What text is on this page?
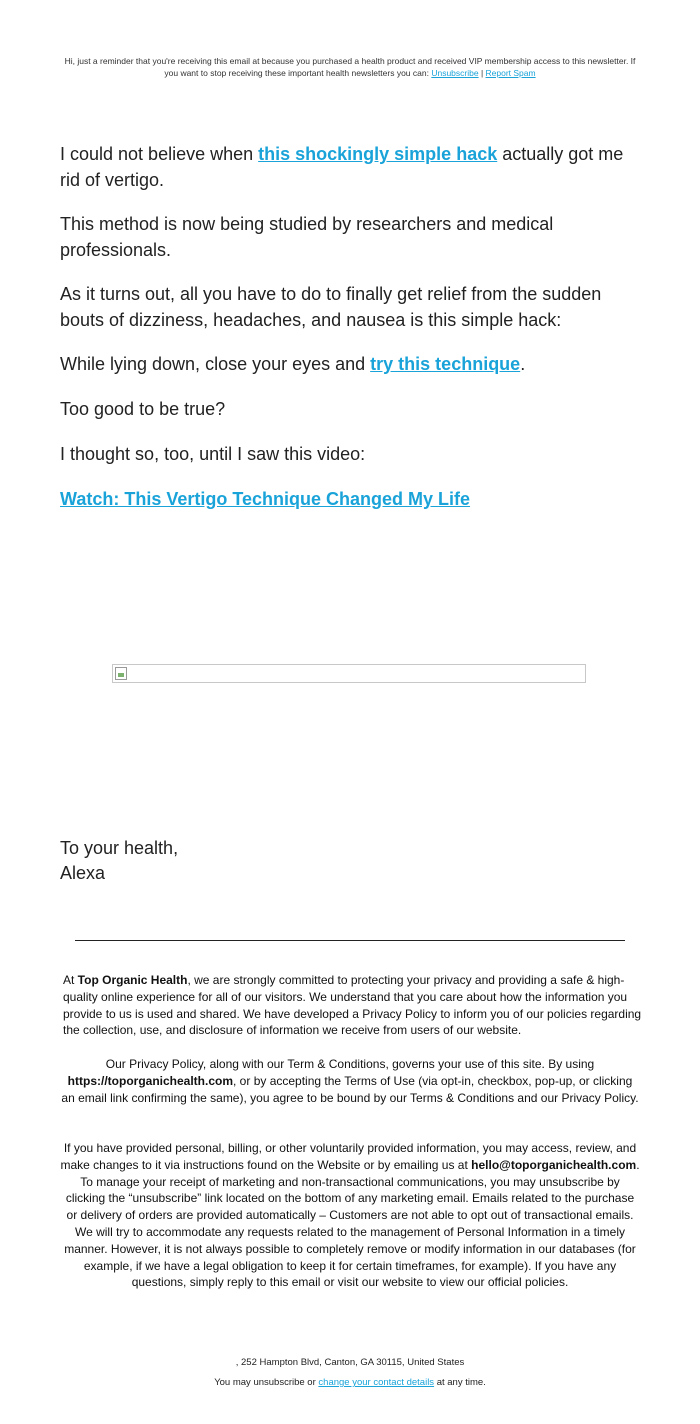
Hi, just a reminder that you're receiving this email at because you purchased a health product and received VIP membership access to this newsletter. If you want to stop receiving these important health newsletters you can: Unsubscribe | Report Spam

I could not believe when this shockingly simple hack actually got me rid of vertigo.

This method is now being studied by researchers and medical professionals.

As it turns out, all you have to do to finally get relief from the sudden bouts of dizziness, headaches, and nausea is this simple hack:

While lying down, close your eyes and try this technique.

Too good to be true?

I thought so, too, until I saw this video:

Watch: This Vertigo Technique Changed My Life

To your health,
Alexa
At Top Organic Health, we are strongly committed to protecting your privacy and providing a safe & high-quality online experience for all of our visitors. We understand that you care about how the information you provide to us is used and shared. We have developed a Privacy Policy to inform you of our policies regarding the collection, use, and disclosure of information we receive from users of our website.
Our Privacy Policy, along with our Term & Conditions, governs your use of this site. By using https://toporganichealth.com, or by accepting the Terms of Use (via opt-in, checkbox, pop-up, or clicking an email link confirming the same), you agree to be bound by our Terms & Conditions and our Privacy Policy.
If you have provided personal, billing, or other voluntarily provided information, you may access, review, and make changes to it via instructions found on the Website or by emailing us at hello@toporganichealth.com. To manage your receipt of marketing and non-transactional communications, you may unsubscribe by clicking the “unsubscribe” link located on the bottom of any marketing email. Emails related to the purchase or delivery of orders are provided automatically – Customers are not able to opt out of transactional emails. We will try to accommodate any requests related to the management of Personal Information in a timely manner. However, it is not always possible to completely remove or modify information in our databases (for example, if we have a legal obligation to keep it for certain timeframes, for example). If you have any questions, simply reply to this email or visit our website to view our official policies.
, 252 Hampton Blvd, Canton, GA 30115, United States
You may unsubscribe or change your contact details at any time.
